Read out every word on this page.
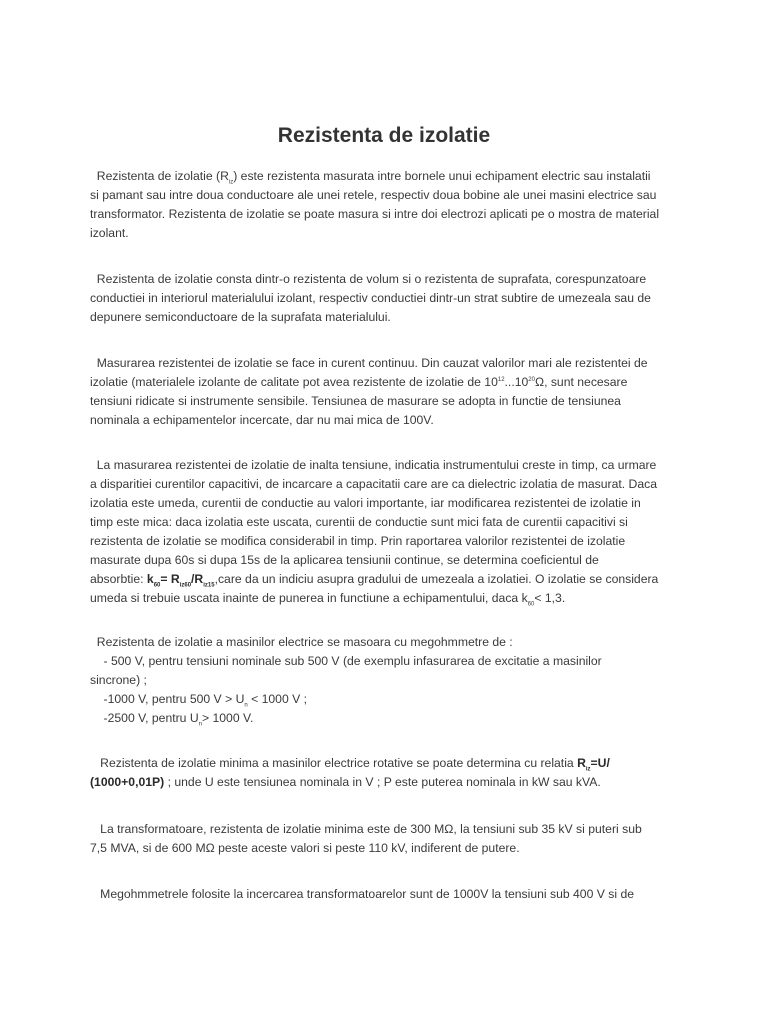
Rezistenta de izolatie

Rezistenta de izolatie $(R_{iz})$ este rezistenta masurata intre bornele unui echipament electric sau instalatii
si pamant sau intre doua conductoare ale unei retele, respectiv doua bobine ale unei masini electrice sau
transformator. Rezistenta de izolatie se poate masura si intre doi electrozi aplicati pe o mostra de material
izolant.

Rezistenta de izolatie consta dintr-o rezistenta de volum si o rezistenta de suprafata, corespunzatoare
conductiei in interiorul materialului izolant, respectiv conductiei dintr-un strat subtire de umezeala sau de
depunere semiconductoare de la suprafata materialului.

Masurarea rezistentei de izolatie se face in curent continuu. Din cauzat valorilor mari ale rezistentei de
izolatie (materialele izolante de calitate pot avea rezistente de izolatie de $10^{12}...10^{20}\Omega$, sunt necesare
tensiuni ridicate si instrumente sensibile. Tensiunea de masurare se adopta in functie de tensiunea
nominala a echipamentelor incercate, dar nu mai mica de 100V.

La masurarea rezistentei de izolatie de inalta tensiune, indicatia instrumentului creste in timp, ca urmare
a disparitiei curentilor capacitivi, de incarcare a capacitatii care are ca dielectric izolatia de masurat. Daca
izolatia este umeda, curentii de conductie au valori importante, iar modificarea rezistentei de izolatie in
timp este mica: daca izolatia este uscata, curentii de conductie sunt mici fata de curentii capacitivi si
rezistenta de izolatie se modifica considerabil in timp. Prin raportarea valorilor rezistentei de izolatie
masurate dupa 60s si dupa 15s de la aplicarea tensiunii continue, se determina coeficientul de
absorbtie: $k_{60}=$ $R_{iz60}/R_{iz15},care$ da un indiciu asupra gradului de umezeala a izolatiei. O izolatie se considera
umeda si trebuie uscata inainte de punerea in functiune a echipamentului, daca $k_{60}< 1,3$.

Rezistenta de izolatie a masinilor electrice se masoara cu megohmmetre de :
- 500 V, pentru tensiuni nominale sub 500 V (de exemplu infasurarea de excitatie a masinilor
sincrone) ;
-1000 V, pentru 500 $V > U_n < 1000$ V ;
-2500 V, pentru $U_n> 1000$ V.

Rezistenta de izolatie minima a masinilor electrice rotative se poate determina cu relatia $R_{iz}=U/$
(1000+0,01P) ; unde U este tensiunea nominala in V ; P este puterea nominala in kW sau kVA.

La transformatoare, rezistenta de izolatie minima este de 300 MΩ, la tensiuni sub 35 kV si puteri sub
7,5 MVA, si de 600 MΩ peste aceste valori si peste 110 kV, indiferent de putere.

Megohmmetrele folosite la incercarea transformatoarelor sunt de 1000V la tensiuni sub 400 V si de
